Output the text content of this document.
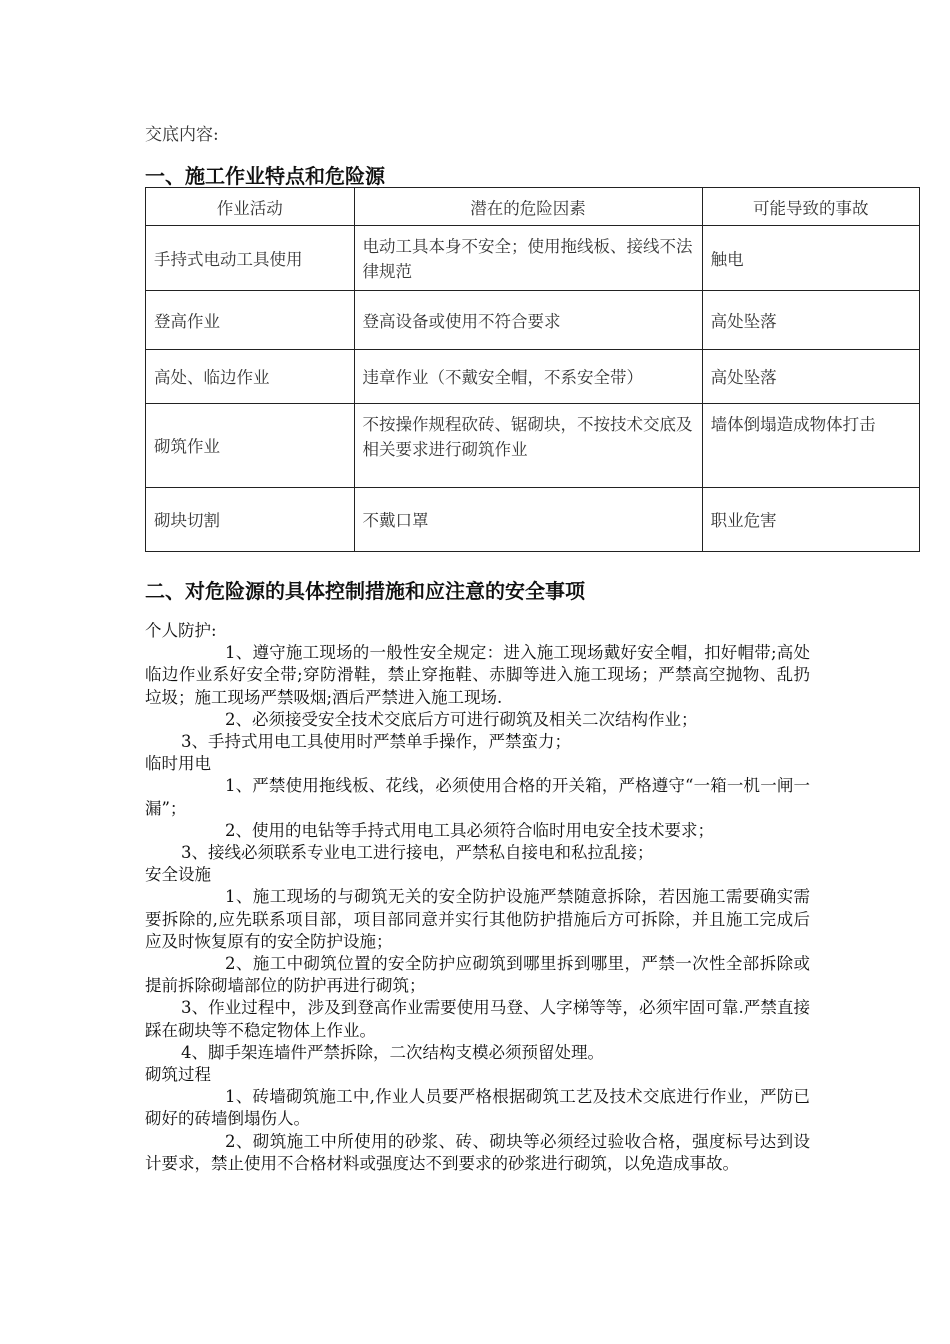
交底内容:
一、施工作业特点和危险源
作业活动	潜在的危险因素	可能导致的事故
手持式电动工具使用	电动工具本身不安全；使用拖线板、接线不法律规范	触电
登高作业	登高设备或使用不符合要求	高处坠落
高处、临边作业	违章作业（不戴安全帽，不系安全带）	高处坠落
砌筑作业	不按操作规程砍砖、锯砌块，不按技术交底及相关要求进行砌筑作业	墙体倒塌造成物体打击
砌块切割	不戴口罩	职业危害
二、对危险源的具体控制措施和应注意的安全事项

个人防护:

1、遵守施工现场的一般性安全规定：进入施工现场戴好安全帽，扣好帽带;高处临边作业系好安全带;穿防滑鞋，禁止穿拖鞋、赤脚等进入施工现场；严禁高空抛物、乱扔垃圾；施工现场严禁吸烟;酒后严禁进入施工现场.

2、必须接受安全技术交底后方可进行砌筑及相关二次结构作业；

3、手持式用电工具使用时严禁单手操作，严禁蛮力；

临时用电

1、严禁使用拖线板、花线，必须使用合格的开关箱，严格遵守“一箱一机一闸一漏”；

2、使用的电钻等手持式用电工具必须符合临时用电安全技术要求；

3、接线必须联系专业电工进行接电，严禁私自接电和私拉乱接；

安全设施

1、施工现场的与砌筑无关的安全防护设施严禁随意拆除，若因施工需要确实需要拆除的,应先联系项目部，项目部同意并实行其他防护措施后方可拆除，并且施工完成后应及时恢复原有的安全防护设施；

2、施工中砌筑位置的安全防护应砌筑到哪里拆到哪里，严禁一次性全部拆除或提前拆除砌墙部位的防护再进行砌筑；

3、作业过程中，涉及到登高作业需要使用马登、人字梯等等，必须牢固可靠.严禁直接踩在砌块等不稳定物体上作业。

4、脚手架连墙件严禁拆除，二次结构支模必须预留处理。

砌筑过程

1、砖墙砌筑施工中,作业人员要严格根据砌筑工艺及技术交底进行作业，严防已砌好的砖墙倒塌伤人。

2、砌筑施工中所使用的砂浆、砖、砌块等必须经过验收合格，强度标号达到设计要求，禁止使用不合格材料或强度达不到要求的砂浆进行砌筑，以免造成事故。
